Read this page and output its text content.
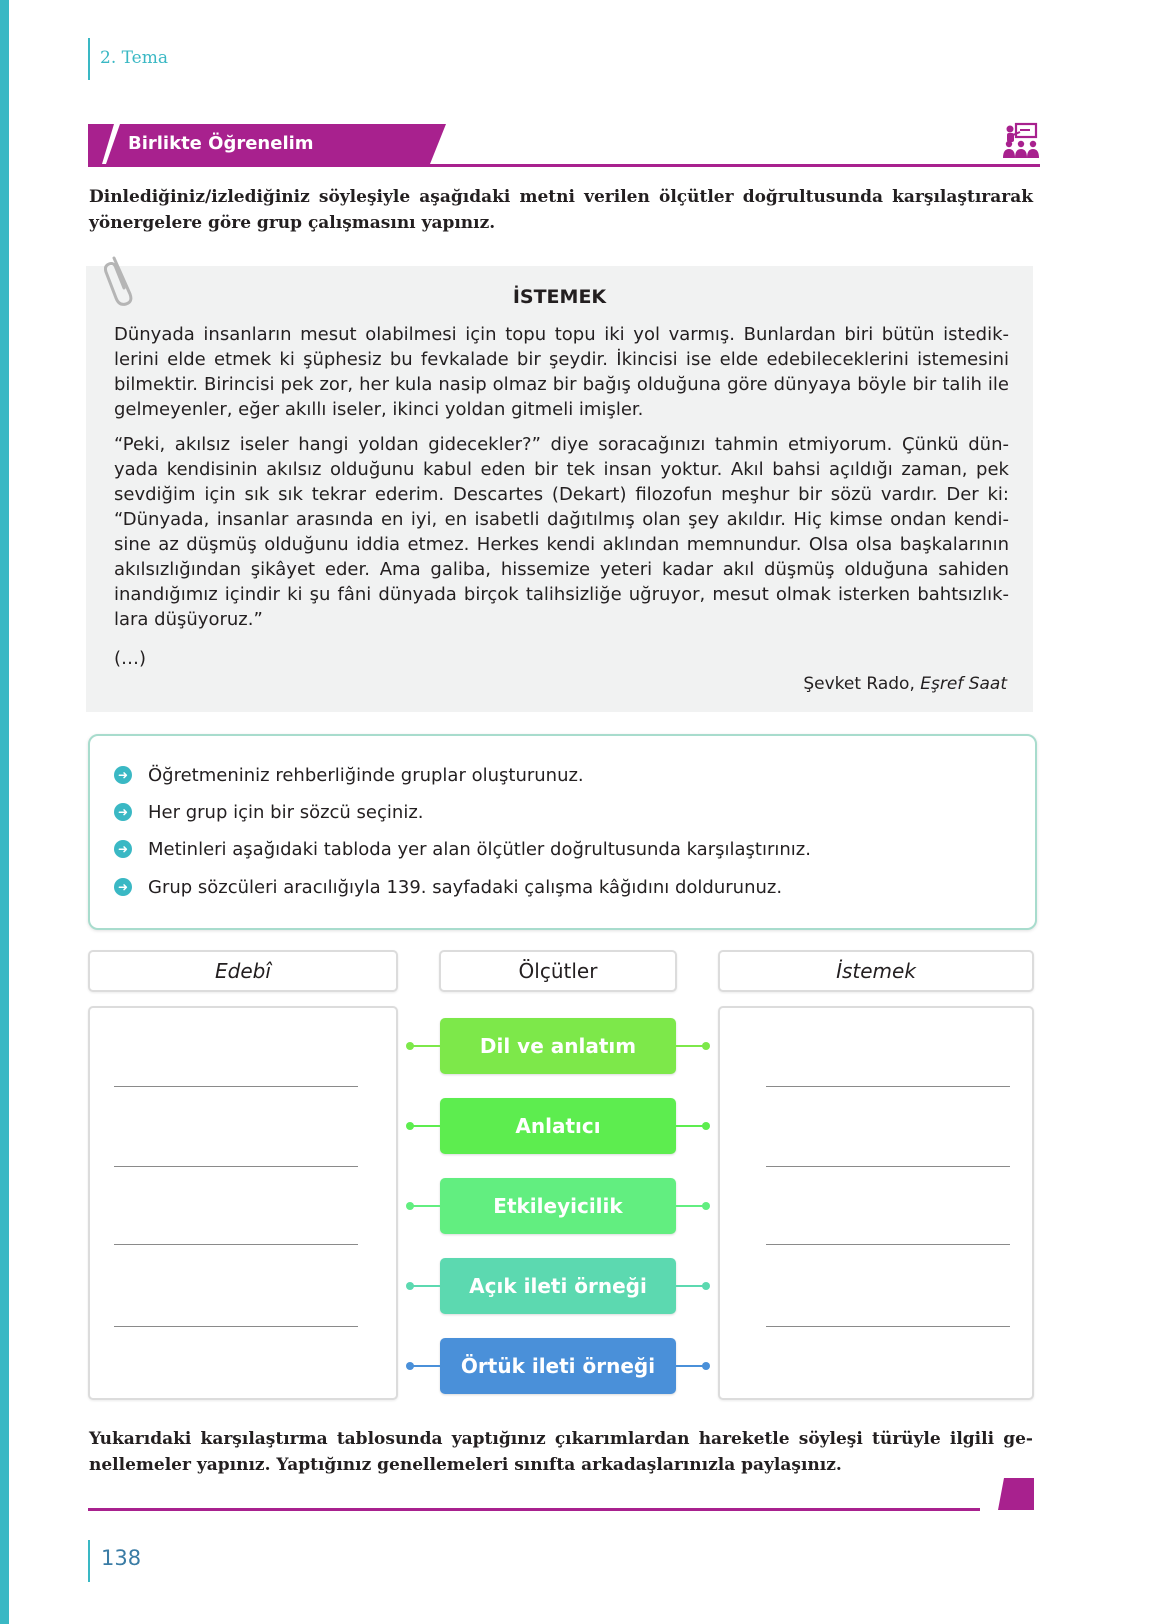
2. Tema
Birlikte Öğrenelim
Dinlediğiniz/izlediğiniz söyleşiyle aşağıdaki metni verilen ölçütler doğrultusunda karşılaştırarak yönergelere göre grup çalışmasını yapınız.
İSTEMEK

Dünyada insanların mesut olabilmesi için topu topu iki yol varmış. Bunlardan biri bütün istedik-lerini elde etmek ki şüphesiz bu fevkalade bir şeydir. İkincisi ise elde edebileceklerini istemesini bilmektir. Birincisi pek zor, her kula nasip olmaz bir bağış olduğuna göre dünyaya böyle bir talih ile gelmeyenler, eğer akıllı iseler, ikinci yoldan gitmeli imişler.

“Peki, akılsız iseler hangi yoldan gidecekler?” diye soracağınızı tahmin etmiyorum. Çünkü dün-yada kendisinin akılsız olduğunu kabul eden bir tek insan yoktur. Akıl bahsi açıldığı zaman, pek sevdiğim için sık sık tekrar ederim. Descartes (Dekart) filozofun meşhur bir sözü vardır. Der ki: “Dünyada, insanlar arasında en iyi, en isabetli dağıtılmış olan şey akıldır. Hiç kimse ondan kendi-sine az düşmüş olduğunu iddia etmez. Herkes kendi aklından memnundur. Olsa olsa başkalarının akılsızlığından şikâyet eder. Ama galiba, hissemize yeteri kadar akıl düşmüş olduğuna sahiden inandığımız içindir ki şu fâni dünyada birçok talihsizliğe uğruyor, mesut olmak isterken bahtsızlık-lara düşüyoruz.”

(…)
Şevket Rado, Eşref Saat
➜ Öğretmeniniz rehberliğinde gruplar oluşturunuz.
➜ Her grup için bir sözcü seçiniz.
➜ Metinleri aşağıdaki tabloda yer alan ölçütler doğrultusunda karşılaştırınız.
➜ Grup sözcüleri aracılığıyla 139. sayfadaki çalışma kâğıdını doldurunuz.
Edebî	Ölçütler	İstemek
Dil ve anlatım
Anlatıcı
Etkileyicilik
Açık ileti örneği
Örtük ileti örneği
Yukarıdaki karşılaştırma tablosunda yaptığınız çıkarımlardan hareketle söyleşi türüyle ilgili ge-nellemeler yapınız. Yaptığınız genellemeleri sınıfta arkadaşlarınızla paylaşınız.
138
